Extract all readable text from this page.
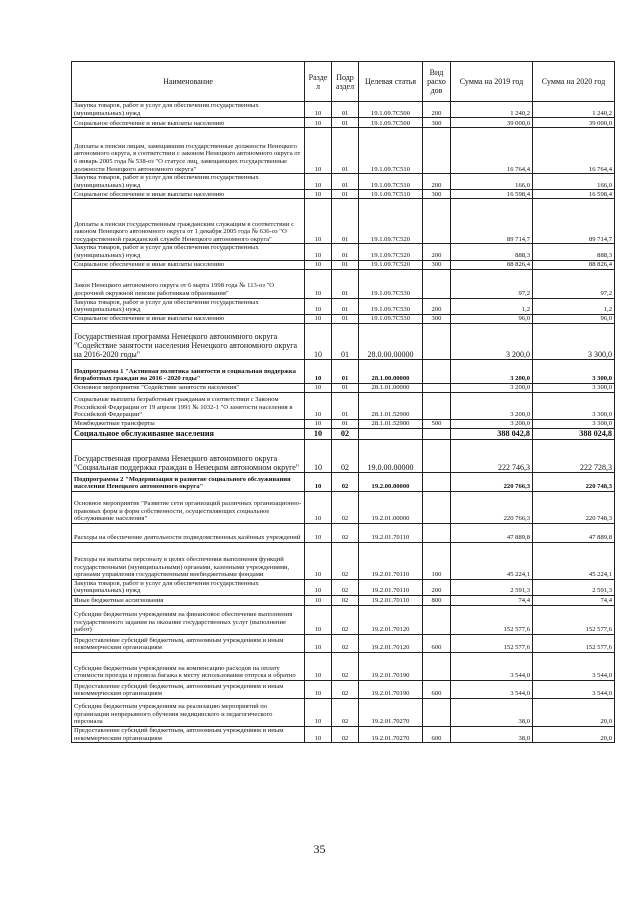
Наименование	Разде л	Подр аздел	Целевая статья	Вид расхо дов	Сумма на 2019 год	Сумма на 2020 год
Закупка товаров, работ и услуг для обеспечения государственных (муниципальных) нужд	10	01	19.1.09.7С500	200	1 240,2	1 240,2
Социальное обеспечение и иные выплаты населению	10	01	19.1.09.7С500	300	39 000,0	39 000,0
Доплаты к пенсии лицам, замещавшим государственные должности Ненецкого автономного округа, в соответствии с законом Ненецкого автономного округа от 6 январь 2005 года № 538-оз "О статусе лиц, замещающих государственные должности Ненецкого автономного округа"	10	01	19.1.09.7С510		16 764,4	16 764,4
Закупка товаров, работ и услуг для обеспечения государственных (муниципальных) нужд	10	01	19.1.09.7С510	200	166,0	166,0
Социальное обеспечение и иные выплаты населению	10	01	19.1.09.7С510	300	16 598,4	16 598,4
Доплаты к пенсии государственным гражданским служащим в соответствии с законом Ненецкого автономного округа от 1 декабря 2005 года № 636-оз "О государственной гражданской службе Ненецкого автономного округа"	10	01	19.1.09.7С520		89 714,7	89 714,7
Закупка товаров, работ и услуг для обеспечения государственных (муниципальных) нужд	10	01	19.1.09.7С520	200	888,3	888,3
Социальное обеспечение и иные выплаты населению	10	01	19.1.09.7С520	300	88 826,4	88 826,4
Закон Ненецкого автономного округа от 6 марта 1998 года № 113-оз "О досрочной окружной пенсии работникам образования"	10	01	19.1.09.7С530		97,2	97,2
Закупка товаров, работ и услуг для обеспечения государственных (муниципальных) нужд	10	01	19.1.09.7С530	200	1,2	1,2
Социальное обеспечение и иные выплаты населению	10	01	19.1.09.7С530	300	96,0	96,0
Государственная программа Ненецкого автономного округа "Содействие занятости населения Ненецкого автономного округа на 2016-2020 годы"	10	01	28.0.00.00000		3 200,0	3 300,0
Подпрограмма 1 "Активная политика занятости и социальная поддержка безработных граждан на 2016 - 2020 годы"	10	01	28.1.00.00000		3 200,0	3 300,0
Основное мероприятие "Содействие занятости населения"	10	01	28.1.01.00000		3 200,0	3 300,0
Социальные выплаты безработным гражданам в соответствии с Законом Российской Федерации от 19 апреля 1991 № 1032-1 "О занятости населения в Российской Федерации"	10	01	28.1.01.52900		3 200,0	3 300,0
Межбюджетные трансферты	10	01	28.1.01.52900	500	3 200,0	3 300,0
Социальное обслуживание населения	10	02			388 042,8	388 024,8
Государственная программа Ненецкого автономного округа "Социальная поддержка граждан в Ненецком автономном округе"	10	02	19.0.00.00000		222 746,3	222 728,3
Подпрограмма 2 "Модернизация и развитие социального обслуживания населения Ненецкого автономного округа"	10	02	19.2.00.00000		220 766,3	220 748,3
Основное мероприятие "Развитие сети организаций различных организационно-правовых форм и форм собственности, осуществляющих социальное обслуживание населения"	10	02	19.2.01.00000		220 766,3	220 748,3
Расходы на обеспечение деятельности подведомственных казённых учреждений	10	02	19.2.01.70110		47 889,8	47 889,8
Расходы на выплаты персоналу в целях обеспечения выполнения функций государственными (муниципальными) органами, казенными учреждениями, органами управления государственными внебюджетными фондами	10	02	19.2.01.70110	100	45 224,1	45 224,1
Закупка товаров, работ и услуг для обеспечения государственных (муниципальных) нужд	10	02	19.2.01.70110	200	2 591,3	2 591,3
Иные бюджетные ассигнования	10	02	19.2.01.70110	800	74,4	74,4
Субсидии бюджетным учреждениям на финансовое обеспечение выполнения государственного задания на оказание государственных услуг (выполнение работ)	10	02	19.2.01.70120		152 577,6	152 577,6
Предоставление субсидий бюджетным, автономным учреждениям и иным некоммерческим организациям	10	02	19.2.01.70120	600	152 577,6	152 577,6
Субсидии бюджетным учреждениям на компенсацию расходов на оплату стоимости проезда и провоза багажа к месту использования отпуска и обратно	10	02	19.2.01.70190		3 544,0	3 544,0
Предоставление субсидий бюджетным, автономным учреждениям и иным некоммерческим организациям	10	02	19.2.01.70190	600	3 544,0	3 544,0
Субсидии бюджетным учреждениям на реализацию мероприятий по организации непрерывного обучения медицинского и педагогического персонала	10	02	19.2.01.70270		38,0	20,0
Предоставление субсидий бюджетным, автономным учреждениям и иным некоммерческим организациям	10	02	19.2.01.70270	600	38,0	20,0
35
